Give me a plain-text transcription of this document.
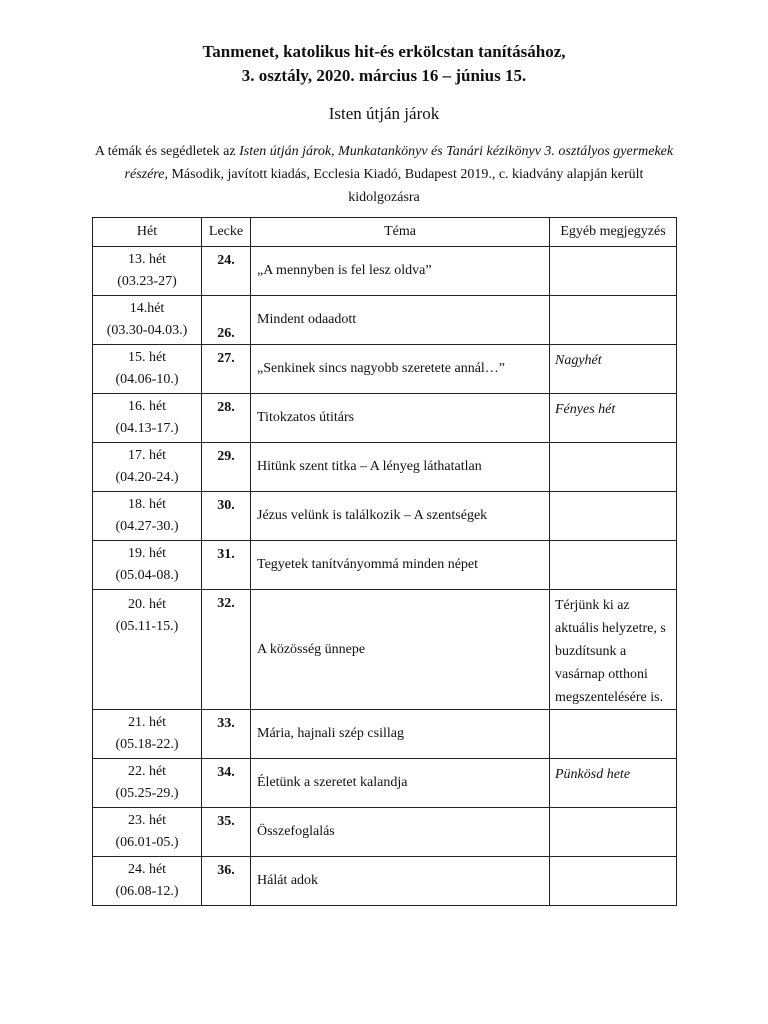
Tanmenet, katolikus hit-és erkölcstan tanításához,
3. osztály, 2020. március 16 – június 15.
Isten útján járok
A témák és segédletek az Isten útján járok, Munkatankönyv és Tanári kézikönyv 3. osztályos gyermekek részére, Második, javított kiadás, Ecclesia Kiadó, Budapest 2019., c. kiadvány alapján került kidolgozásra
Hét	Lecke	Téma	Egyéb megjegyzés

13. hét
(03.23-27)	24.	„A mennyben is fel lesz oldva”	

14.hét
(03.30-04.03.)	26.	Mindent odaadott	

15. hét
(04.06-10.)	27.	„Senkinek sincs nagyobb szeretete annál…”	Nagyhét

16. hét
(04.13-17.)	28.	Titokzatos útitárs	Fényes hét

17. hét
(04.20-24.)	29.	Hitünk szent titka – A lényeg láthatatlan	

18. hét
(04.27-30.)	30.	Jézus velünk is találkozik – A szentségek	

19. hét
(05.04-08.)	31.	Tegyetek tanítványommá minden népet	

20. hét
(05.11-15.)	32.	A közösség ünnepe	Térjünk ki az aktuális helyzetre, s buzdítsunk a vasárnap otthoni megszentelésére is.

21. hét
(05.18-22.)	33.	Mária, hajnali szép csillag	

22. hét
(05.25-29.)	34.	Életünk a szeretet kalandja	Pünkösd hete

23. hét
(06.01-05.)	35.	Összefoglalás	

24. hét
(06.08-12.)	36.	Hálát adok	
